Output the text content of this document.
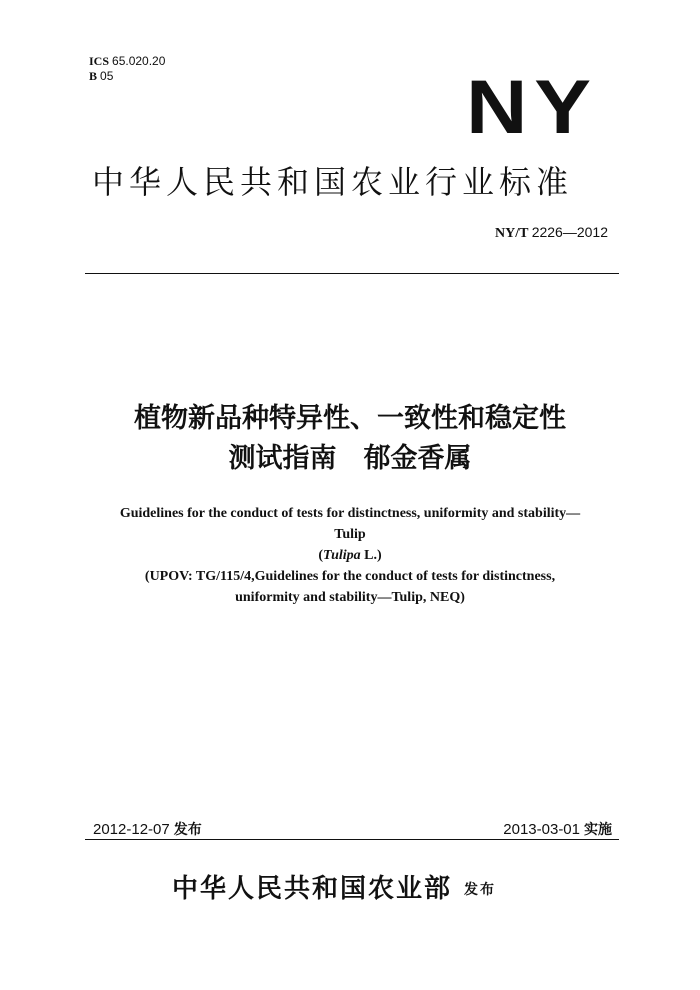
ICS 65.020.20
B 05	NY
中华人民共和国农业行业标准
NY/T 2226—2012
植物新品种特异性、一致性和稳定性
测试指南　郁金香属
Guidelines for the conduct of tests for distinctness, uniformity and stability—
Tulip
(Tulipa L.)
(UPOV: TG/115/4,Guidelines for the conduct of tests for distinctness,
uniformity and stability—Tulip, NEQ)
2012-12-07 发布	2013-03-01 实施
中华人民共和国农业部 发布
